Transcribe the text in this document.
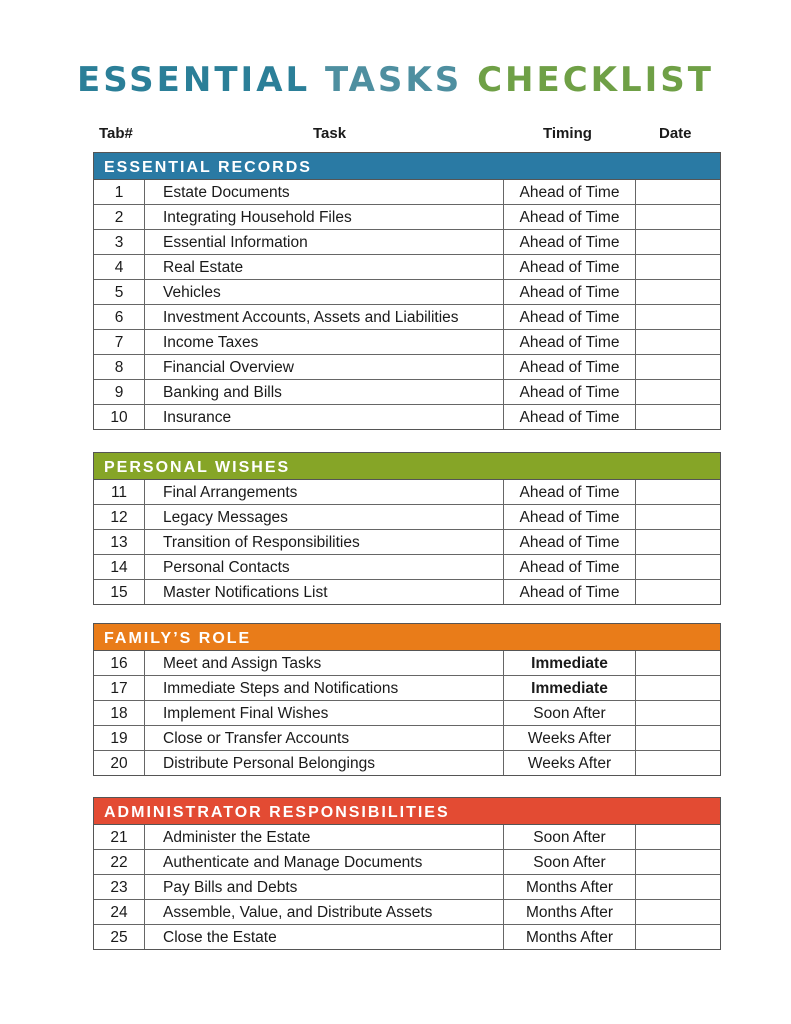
ESSENTIAL TASKS CHECKLIST
Tab#	Task	Timing	Date
ESSENTIAL RECORDS
1	Estate Documents	Ahead of Time
2	Integrating Household Files	Ahead of Time
3	Essential Information	Ahead of Time
4	Real Estate	Ahead of Time
5	Vehicles	Ahead of Time
6	Investment Accounts, Assets and Liabilities	Ahead of Time
7	Income Taxes	Ahead of Time
8	Financial Overview	Ahead of Time
9	Banking and Bills	Ahead of Time
10	Insurance	Ahead of Time
PERSONAL WISHES
11	Final Arrangements	Ahead of Time
12	Legacy Messages	Ahead of Time
13	Transition of Responsibilities	Ahead of Time
14	Personal Contacts	Ahead of Time
15	Master Notifications List	Ahead of Time
FAMILY’S ROLE
16	Meet and Assign Tasks	Immediate
17	Immediate Steps and Notifications	Immediate
18	Implement Final Wishes	Soon After
19	Close or Transfer Accounts	Weeks After
20	Distribute Personal Belongings	Weeks After
ADMINISTRATOR RESPONSIBILITIES
21	Administer the Estate	Soon After
22	Authenticate and Manage Documents	Soon After
23	Pay Bills and Debts	Months After
24	Assemble, Value, and Distribute Assets	Months After
25	Close the Estate	Months After
